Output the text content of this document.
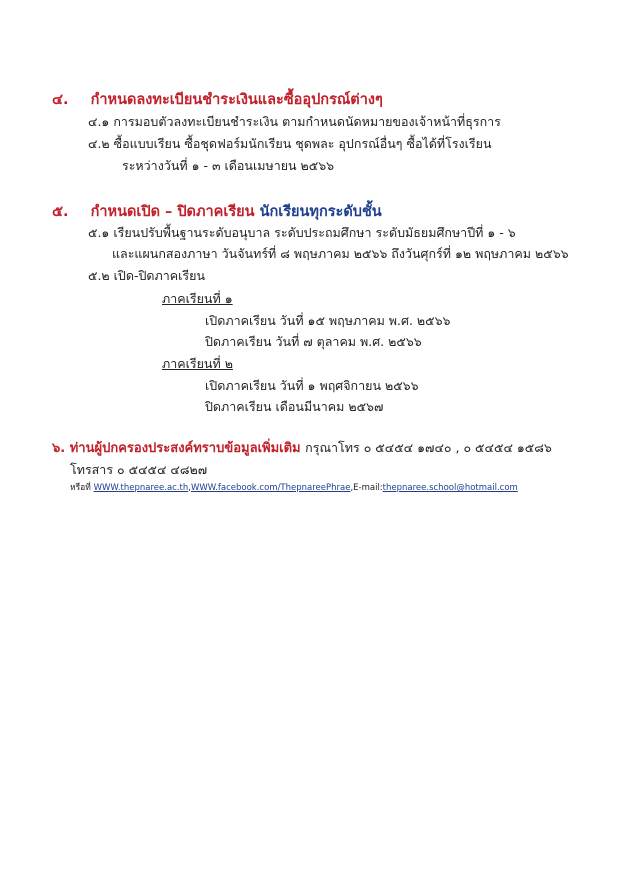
๔. กำหนดลงทะเบียนชำระเงินและซื้ออุปกรณ์ต่างๆ
๔.๑ การมอบตัวลงทะเบียนชำระเงิน ตามกำหนดนัดหมายของเจ้าหน้าที่ธุรการ
๔.๒ ซื้อแบบเรียน ซื้อชุดฟอร์มนักเรียน ชุดพละ อุปกรณ์อื่นๆ ซื้อได้ที่โรงเรียน
ระหว่างวันที่ ๑ - ๓ เดือนเมษายน ๒๕๖๖
๕. กำหนดเปิด – ปิดภาคเรียน นักเรียนทุกระดับชั้น
๕.๑ เรียนปรับพื้นฐานระดับอนุบาล ระดับประถมศึกษา ระดับมัธยมศึกษาปีที่ ๑ - ๖
และแผนกสองภาษา วันจันทร์ที่ ๘ พฤษภาคม ๒๕๖๖ ถึงวันศุกร์ที่ ๑๒ พฤษภาคม ๒๕๖๖
๕.๒ เปิด-ปิดภาคเรียน
ภาคเรียนที่ ๑
เปิดภาคเรียน วันที่ ๑๕ พฤษภาคม พ.ศ. ๒๕๖๖
ปิดภาคเรียน วันที่ ๗ ตุลาคม พ.ศ. ๒๕๖๖
ภาคเรียนที่ ๒
เปิดภาคเรียน วันที่ ๑ พฤศจิกายน ๒๕๖๖
ปิดภาคเรียน เดือนมีนาคม ๒๕๖๗
๖. ท่านผู้ปกครองประสงค์ทราบข้อมูลเพิ่มเติม กรุณาโทร ๐ ๕๔๕๔ ๑๗๔๐ , ๐ ๕๔๕๔ ๑๕๘๖
โทรสาร ๐ ๕๔๕๔ ๔๘๒๗
หรือที่ WWW.thepnaree.ac.th,WWW.facebook.com/ThepnareePhrae,E-mail:thepnaree.school@hotmail.com
